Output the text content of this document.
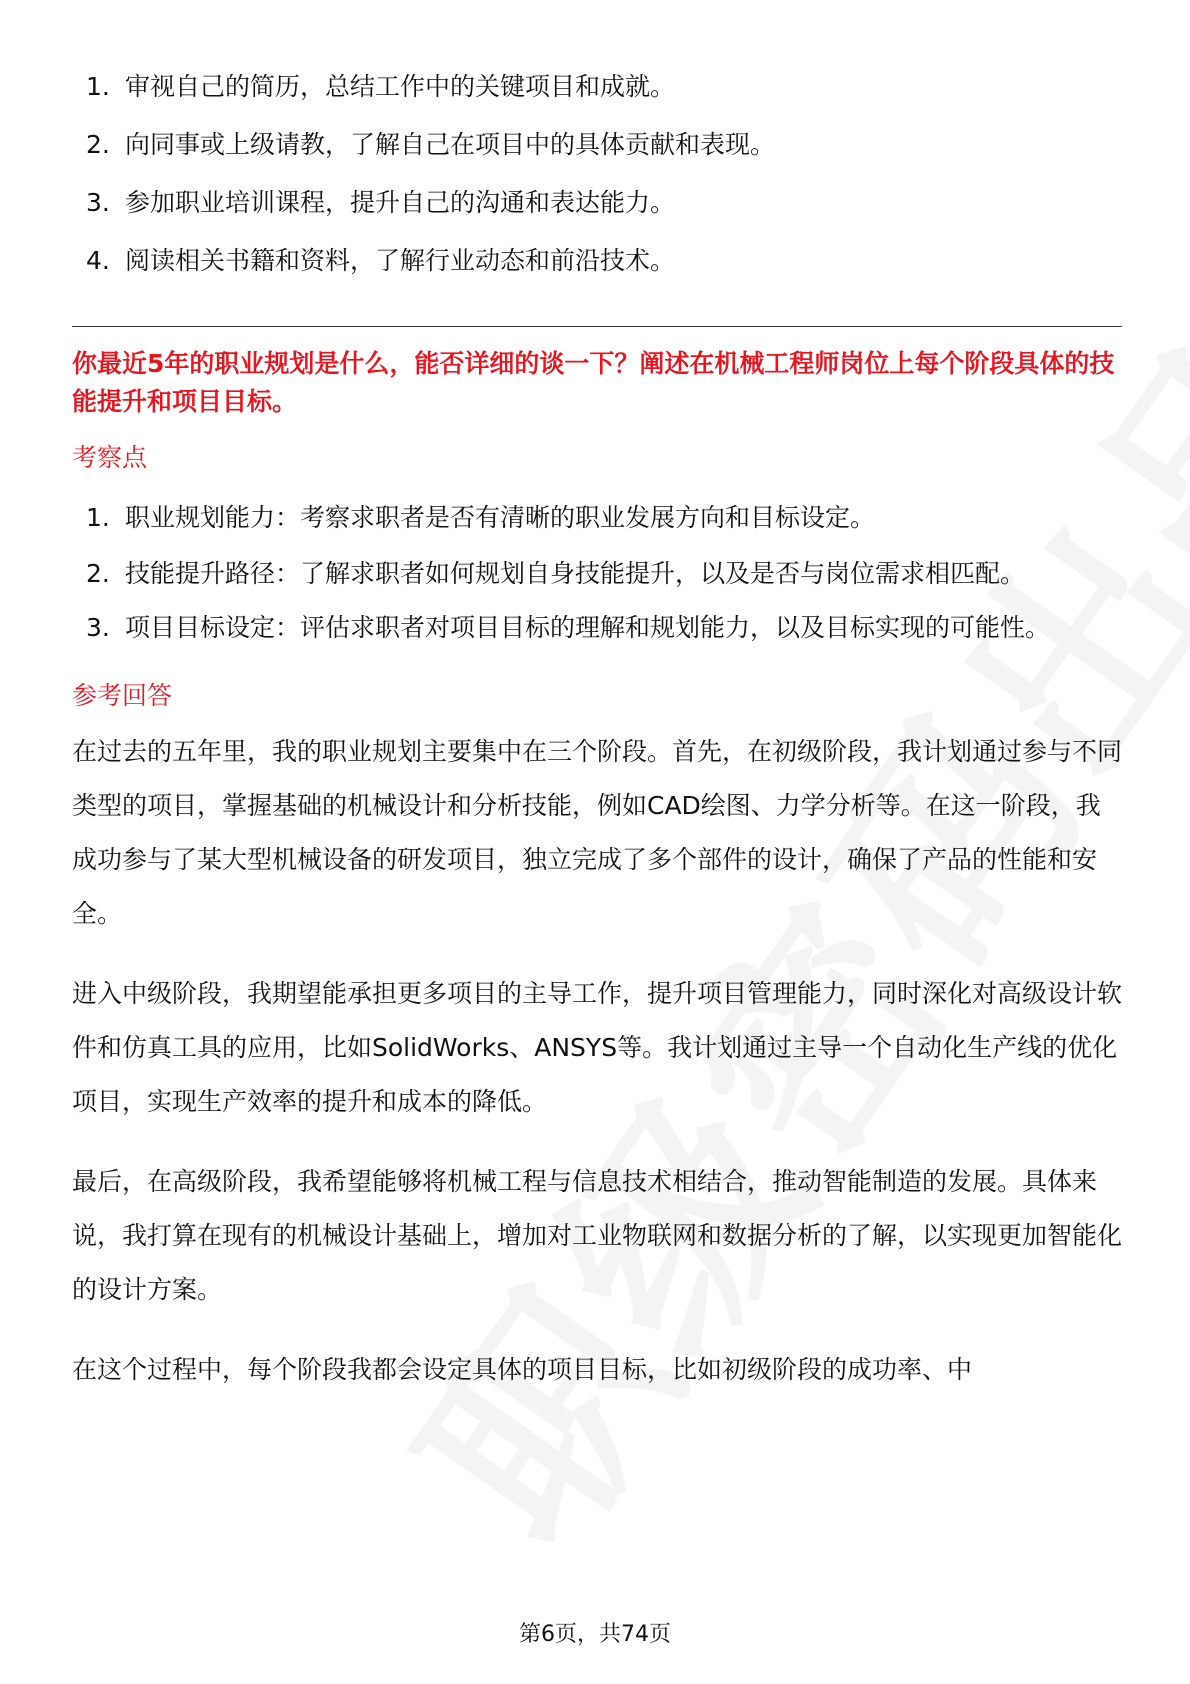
1. 审视自己的简历，总结工作中的关键项目和成就。
2. 向同事或上级请教，了解自己在项目中的具体贡献和表现。
3. 参加职业培训课程，提升自己的沟通和表达能力。
4. 阅读相关书籍和资料，了解行业动态和前沿技术。
你最近5年的职业规划是什么，能否详细的谈一下？阐述在机械工程师岗位上每个阶段具体的技能提升和项目目标。
考察点
1. 职业规划能力：考察求职者是否有清晰的职业发展方向和目标设定。
2. 技能提升路径：了解求职者如何规划自身技能提升，以及是否与岗位需求相匹配。
3. 项目目标设定：评估求职者对项目目标的理解和规划能力，以及目标实现的可能性。
参考回答

在过去的五年里，我的职业规划主要集中在三个阶段。首先，在初级阶段，我计划通过参与不同类型的项目，掌握基础的机械设计和分析技能，例如CAD绘图、力学分析等。在这一阶段，我成功参与了某大型机械设备的研发项目，独立完成了多个部件的设计，确保了产品的性能和安全。

进入中级阶段，我期望能承担更多项目的主导工作，提升项目管理能力，同时深化对高级设计软件和仿真工具的应用，比如SolidWorks、ANSYS等。我计划通过主导一个自动化生产线的优化项目，实现生产效率的提升和成本的降低。

最后，在高级阶段，我希望能够将机械工程与信息技术相结合，推动智能制造的发展。具体来说，我打算在现有的机械设计基础上，增加对工业物联网和数据分析的了解，以实现更加智能化的设计方案。

在这个过程中，每个阶段我都会设定具体的项目目标，比如初级阶段的成功率、中

第6页，共74页
